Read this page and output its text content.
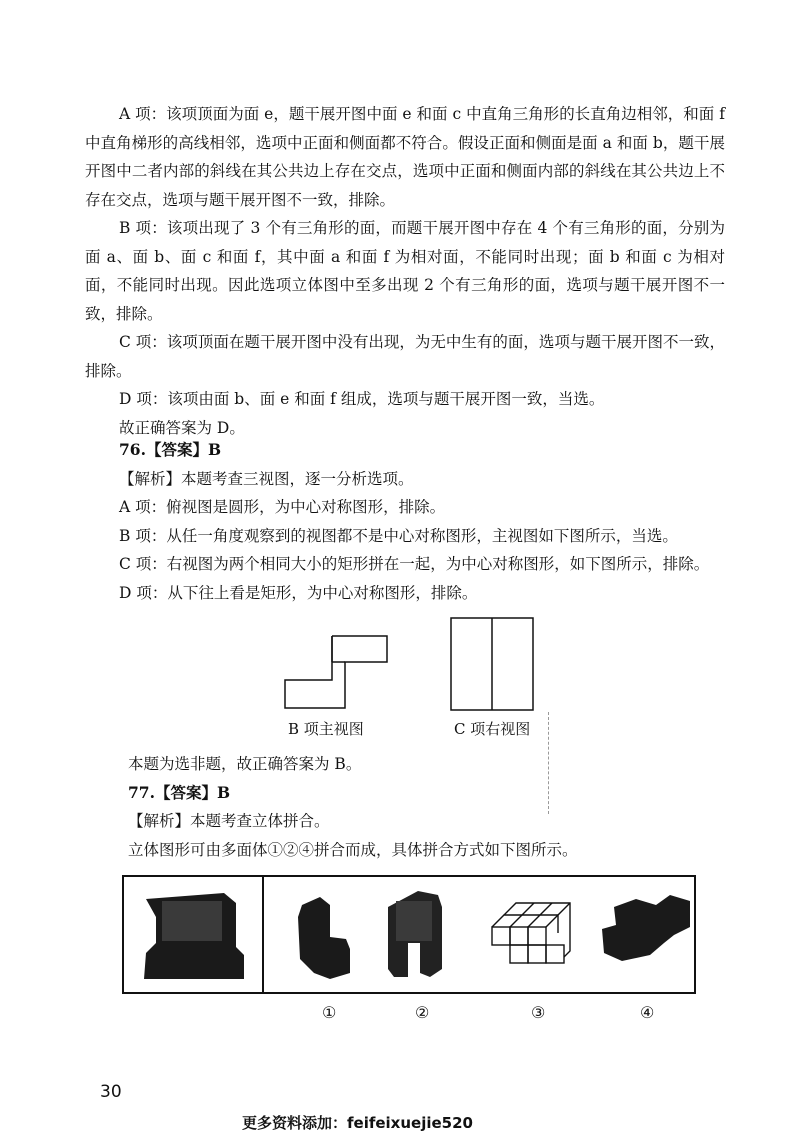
A 项：该项顶面为面 e，题干展开图中面 e 和面 c 中直角三角形的长直角边相邻，和面 f 中直角梯形的高线相邻，选项中正面和侧面都不符合。假设正面和侧面是面 a 和面 b，题干展开图中二者内部的斜线在其公共边上存在交点，选项中正面和侧面内部的斜线在其公共边上不存在交点，选项与题干展开图不一致，排除。

B 项：该项出现了 3 个有三角形的面，而题干展开图中存在 4 个有三角形的面，分别为面 a、面 b、面 c 和面 f，其中面 a 和面 f 为相对面，不能同时出现；面 b 和面 c 为相对面，不能同时出现。因此选项立体图中至多出现 2 个有三角形的面，选项与题干展开图不一致，排除。

C 项：该项顶面在题干展开图中没有出现，为无中生有的面，选项与题干展开图不一致，排除。

D 项：该项由面 b、面 e 和面 f 组成，选项与题干展开图一致，当选。

故正确答案为 D。

76.【答案】B

【解析】本题考查三视图，逐一分析选项。

A 项：俯视图是圆形，为中心对称图形，排除。

B 项：从任一角度观察到的视图都不是中心对称图形，主视图如下图所示，当选。

C 项：右视图为两个相同大小的矩形拼在一起，为中心对称图形，如下图所示，排除。

D 项：从下往上看是矩形，为中心对称图形，排除。

B 项主视图	C 项右视图

本题为选非题，故正确答案为 B。

77.【答案】B

【解析】本题考查立体拼合。

立体图形可由多面体①②④拼合而成，具体拼合方式如下图所示。

①	②	③	④
30
更多资料添加：feifeixuejie520
